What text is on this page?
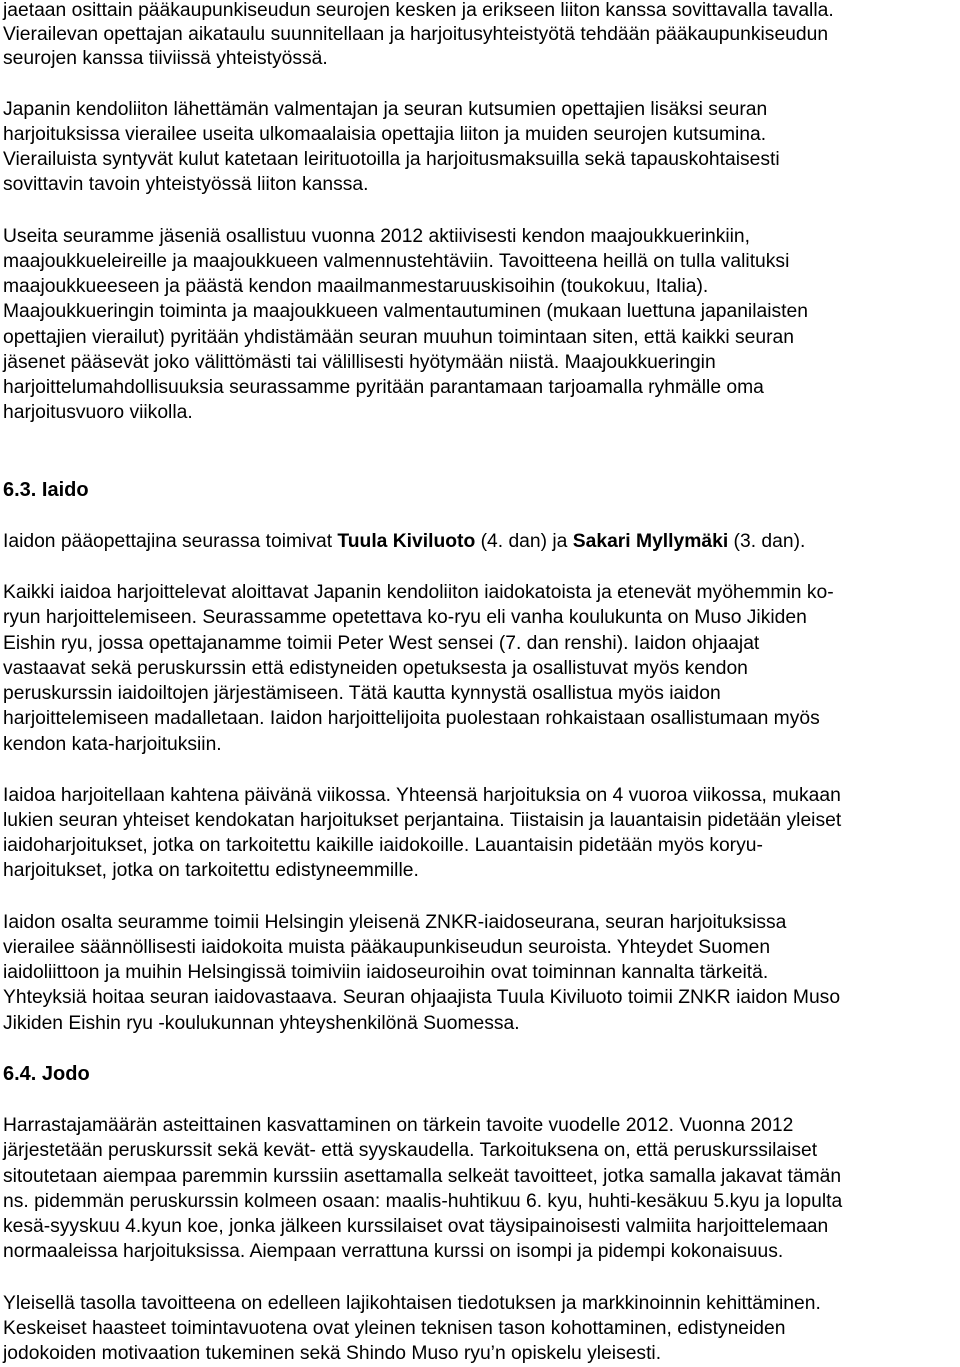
jaetaan osittain pääkaupunkiseudun seurojen kesken ja erikseen liiton kanssa sovittavalla tavalla.
Vierailevan opettajan aikataulu suunnitellaan ja harjoitusyhteistyötä tehdään pääkaupunkiseudun
seurojen kanssa tiiviissä yhteistyössä.
Japanin kendoliiton lähettämän valmentajan ja seuran kutsumien opettajien lisäksi seuran
harjoituksissa vierailee useita ulkomaalaisia opettajia liiton ja muiden seurojen kutsumina.
Vierailuista syntyvät kulut katetaan leirituotoilla ja harjoitusmaksuilla sekä tapauskohtaisesti
sovittavin tavoin yhteistyössä liiton kanssa.
Useita seuramme jäseniä osallistuu vuonna 2012 aktiivisesti kendon maajoukkuerinkiin,
maajoukkueleireille ja maajoukkueen valmennustehtäviin. Tavoitteena heillä on tulla valituksi
maajoukkueeseen ja päästä kendon maailmanmestaruuskisoihin (toukokuu, Italia).
Maajoukkueringin toiminta ja maajoukkueen valmentautuminen (mukaan luettuna japanilaisten
opettajien vierailut) pyritään yhdistämään seuran muuhun toimintaan siten, että kaikki seuran
jäsenet pääsevät joko välittömästi tai välillisesti hyötymään niistä. Maajoukkueringin
harjoittelumahdollisuuksia seurassamme pyritään parantamaan tarjoamalla ryhmälle oma
harjoitusvuoro viikolla.
6.3. Iaido
Iaidon pääopettajina seurassa toimivat Tuula Kiviluoto (4. dan) ja Sakari Myllymäki (3. dan).
Kaikki iaidoa harjoittelevat aloittavat Japanin kendoliiton iaidokatoista ja etenevät myöhemmin ko-
ryun harjoittelemiseen. Seurassamme opetettava ko-ryu eli vanha koulukunta on Muso Jikiden
Eishin ryu, jossa opettajanamme toimii Peter West sensei (7. dan renshi). Iaidon ohjaajat
vastaavat sekä peruskurssin että edistyneiden opetuksesta ja osallistuvat myös kendon
peruskurssin iaidoiltojen järjestämiseen. Tätä kautta kynnystä osallistua myös iaidon
harjoittelemiseen madalletaan. Iaidon harjoittelijoita puolestaan rohkaistaan osallistumaan myös
kendon kata-harjoituksiin.
Iaidoa harjoitellaan kahtena päivänä viikossa. Yhteensä harjoituksia on 4 vuoroa viikossa, mukaan
lukien seuran yhteiset kendokatan harjoitukset perjantaina. Tiistaisin ja lauantaisin pidetään yleiset
iaidoharjoitukset, jotka on tarkoitettu kaikille iaidokoille. Lauantaisin pidetään myös koryu-
harjoitukset, jotka on tarkoitettu edistyneemmille.
Iaidon osalta seuramme toimii Helsingin yleisenä ZNKR-iaidoseurana, seuran harjoituksissa
vierailee säännöllisesti iaidokoita muista pääkaupunkiseudun seuroista. Yhteydet Suomen
iaidoliittoon ja muihin Helsingissä toimiviin iaidoseuroihin ovat toiminnan kannalta tärkeitä.
Yhteyksiä hoitaa seuran iaidovastaava. Seuran ohjaajista Tuula Kiviluoto toimii ZNKR iaidon Muso
Jikiden Eishin ryu -koulukunnan yhteyshenkilönä Suomessa.
6.4. Jodo
Harrastajamäärän asteittainen kasvattaminen on tärkein tavoite vuodelle 2012. Vuonna 2012
järjestetään peruskurssit sekä kevät- että syyskaudella. Tarkoituksena on, että peruskurssilaiset
sitoutetaan aiempaa paremmin kurssiin asettamalla selkeät tavoitteet, jotka samalla jakavat tämän
ns. pidemmän peruskurssin kolmeen osaan: maalis-huhtikuu 6. kyu, huhti-kesäkuu 5.kyu ja lopulta
kesä-syyskuu 4.kyun koe, jonka jälkeen kurssilaiset ovat täysipainoisesti valmiita harjoittelemaan
normaaleissa harjoituksissa. Aiempaan verrattuna kurssi on isompi ja pidempi kokonaisuus.
Yleisellä tasolla tavoitteena on edelleen lajikohtaisen tiedotuksen ja markkinoinnin kehittäminen.
Keskeiset haasteet toimintavuotena ovat yleinen teknisen tason kohottaminen, edistyneiden
jodokoiden motivaation tukeminen sekä Shindo Muso ryu’n opiskelu yleisesti.
